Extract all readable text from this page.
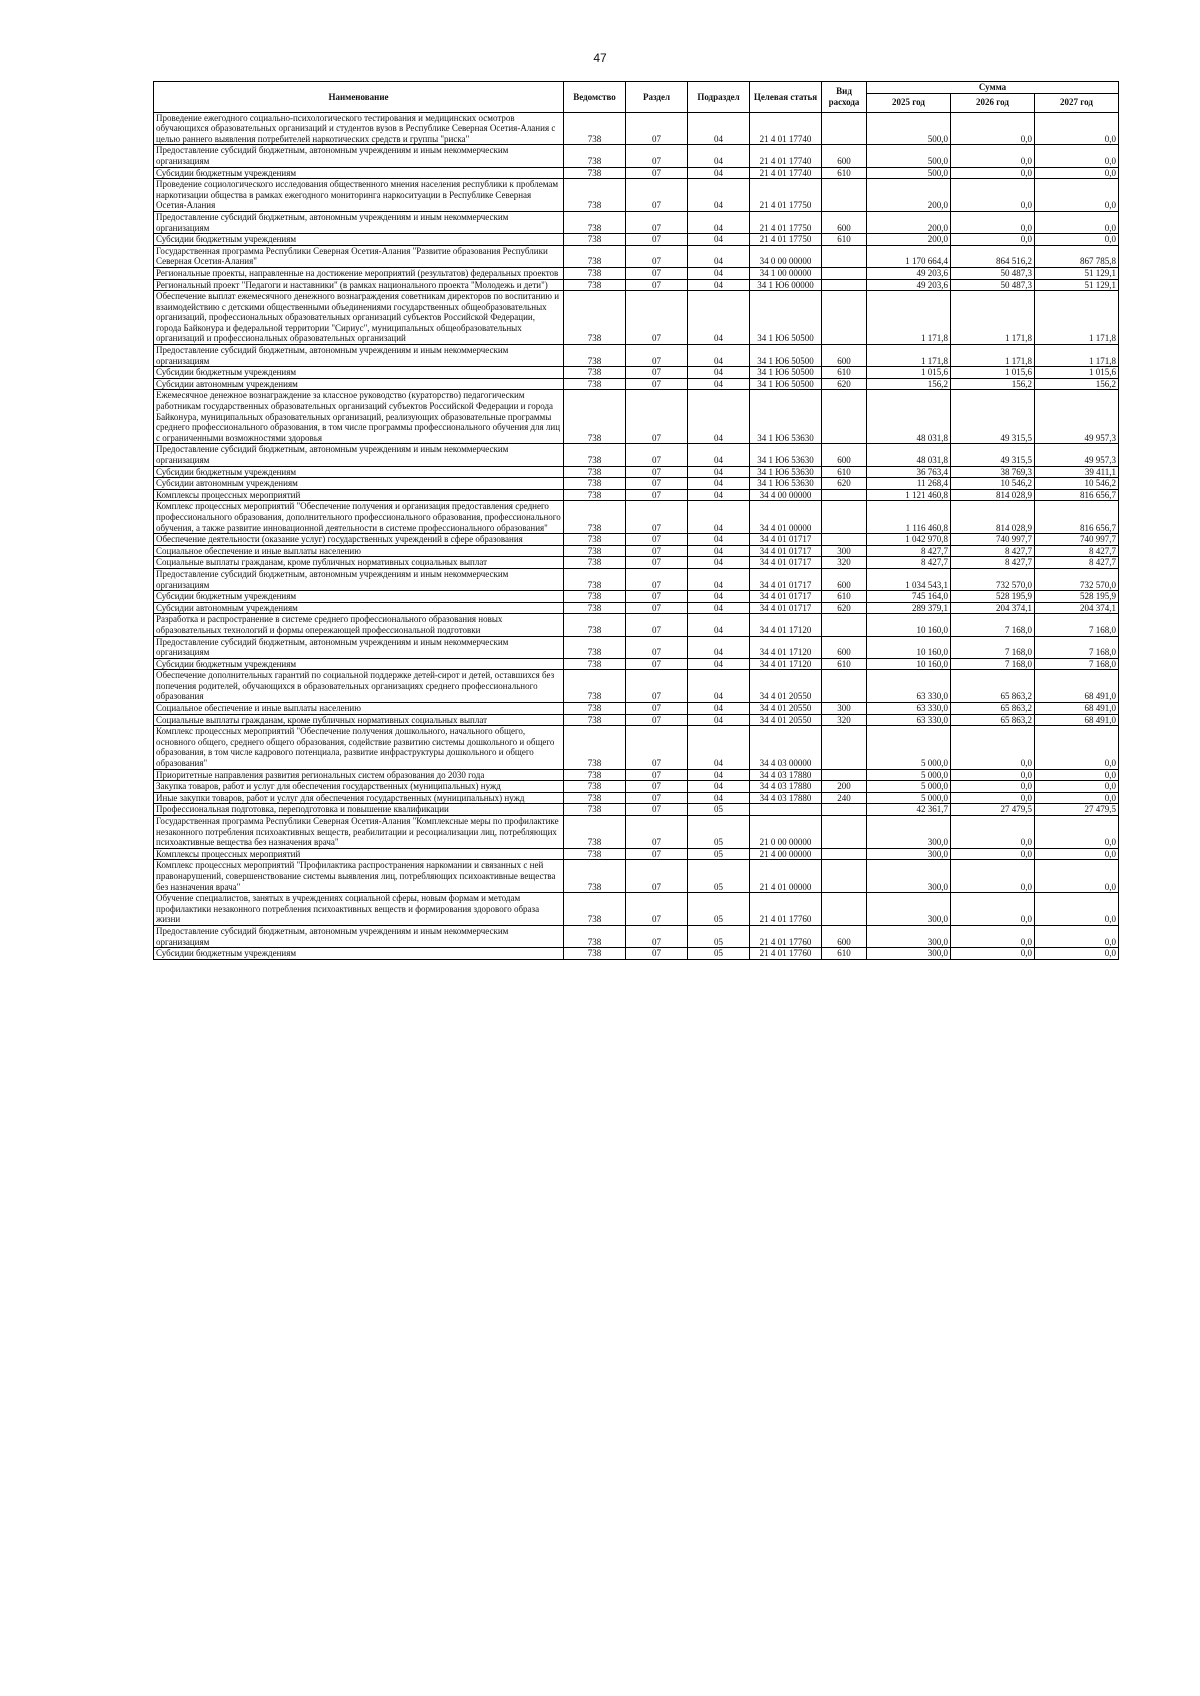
47
Наименование	Ведомство	Раздел	Подраздел	Целевая статья	Вид расхода	Сумма		
						2025 год	2026 год	2027 год
Проведение ежегодного социально-психологического тестирования и медицинских осмотров обучающихся образовательных организаций и студентов вузов в Республике Северная Осетия-Алания с целью раннего выявления потребителей наркотических средств и группы "риска"	738	07	04	21 4 01 17740		500,0	0,0	0,0
Предоставление субсидий бюджетным, автономным учреждениям и иным некоммерческим организациям	738	07	04	21 4 01 17740	600	500,0	0,0	0,0
Субсидии бюджетным учреждениям	738	07	04	21 4 01 17740	610	500,0	0,0	0,0
Проведение социологического исследования общественного мнения населения республики к проблемам наркотизации общества в рамках ежегодного мониторинга наркоситуации в Республике Северная Осетия-Алания	738	07	04	21 4 01 17750		200,0	0,0	0,0
Предоставление субсидий бюджетным, автономным учреждениям и иным некоммерческим организациям	738	07	04	21 4 01 17750	600	200,0	0,0	0,0
Субсидии бюджетным учреждениям	738	07	04	21 4 01 17750	610	200,0	0,0	0,0
Государственная программа Республики Северная Осетия-Алания "Развитие образования Республики Северная Осетия-Алания"	738	07	04	34 0 00 00000		1 170 664,4	864 516,2	867 785,8
Региональные проекты, направленные на достижение мероприятий (результатов) федеральных проектов	738	07	04	34 1 00 00000		49 203,6	50 487,3	51 129,1
Региональный проект "Педагоги и наставники" (в рамках национального проекта "Молодежь и дети")	738	07	04	34 1 Ю6 00000		49 203,6	50 487,3	51 129,1
Обеспечение выплат ежемесячного денежного вознаграждения советникам директоров по воспитанию и взаимодействию с детскими общественными объединениями государственных общеобразовательных организаций, профессиональных образовательных организаций субъектов Российской Федерации, города Байконура и федеральной территории "Сириус", муниципальных общеобразовательных организаций и профессиональных образовательных организаций	738	07	04	34 1 Ю6 50500		1 171,8	1 171,8	1 171,8
Предоставление субсидий бюджетным, автономным учреждениям и иным некоммерческим организациям	738	07	04	34 1 Ю6 50500	600	1 171,8	1 171,8	1 171,8
Субсидии бюджетным учреждениям	738	07	04	34 1 Ю6 50500	610	1 015,6	1 015,6	1 015,6
Субсидии автономным учреждениям	738	07	04	34 1 Ю6 50500	620	156,2	156,2	156,2
Ежемесячное денежное вознаграждение за классное руководство (кураторство) педагогическим работникам государственных образовательных организаций субъектов Российской Федерации и города Байконура, муниципальных образовательных организаций, реализующих образовательные программы среднего профессионального образования, в том числе программы профессионального обучения для лиц с ограниченными возможностями здоровья	738	07	04	34 1 Ю6 53630		48 031,8	49 315,5	49 957,3
Предоставление субсидий бюджетным, автономным учреждениям и иным некоммерческим организациям	738	07	04	34 1 Ю6 53630	600	48 031,8	49 315,5	49 957,3
Субсидии бюджетным учреждениям	738	07	04	34 1 Ю6 53630	610	36 763,4	38 769,3	39 411,1
Субсидии автономным учреждениям	738	07	04	34 1 Ю6 53630	620	11 268,4	10 546,2	10 546,2
Комплексы процессных мероприятий	738	07	04	34 4 00 00000		1 121 460,8	814 028,9	816 656,7
Комплекс процессных мероприятий "Обеспечение получения и организация предоставления среднего профессионального образования, дополнительного профессионального образования, профессионального обучения, а также развитие инновационной деятельности в системе профессионального образования"	738	07	04	34 4 01 00000		1 116 460,8	814 028,9	816 656,7
Обеспечение деятельности (оказание услуг) государственных учреждений в сфере образования	738	07	04	34 4 01 01717		1 042 970,8	740 997,7	740 997,7
Социальное обеспечение и иные выплаты населению	738	07	04	34 4 01 01717	300	8 427,7	8 427,7	8 427,7
Социальные выплаты гражданам, кроме публичных нормативных социальных выплат	738	07	04	34 4 01 01717	320	8 427,7	8 427,7	8 427,7
Предоставление субсидий бюджетным, автономным учреждениям и иным некоммерческим организациям	738	07	04	34 4 01 01717	600	1 034 543,1	732 570,0	732 570,0
Субсидии бюджетным учреждениям	738	07	04	34 4 01 01717	610	745 164,0	528 195,9	528 195,9
Субсидии автономным учреждениям	738	07	04	34 4 01 01717	620	289 379,1	204 374,1	204 374,1
Разработка и распространение в системе среднего профессионального образования новых образовательных технологий и формы опережающей профессиональной подготовки	738	07	04	34 4 01 17120		10 160,0	7 168,0	7 168,0
Предоставление субсидий бюджетным, автономным учреждениям и иным некоммерческим организациям	738	07	04	34 4 01 17120	600	10 160,0	7 168,0	7 168,0
Субсидии бюджетным учреждениям	738	07	04	34 4 01 17120	610	10 160,0	7 168,0	7 168,0
Обеспечение дополнительных гарантий по социальной поддержке детей-сирот и детей, оставшихся без попечения родителей, обучающихся в образовательных организациях среднего профессионального образования	738	07	04	34 4 01 20550		63 330,0	65 863,2	68 491,0
Социальное обеспечение и иные выплаты населению	738	07	04	34 4 01 20550	300	63 330,0	65 863,2	68 491,0
Социальные выплаты гражданам, кроме публичных нормативных социальных выплат	738	07	04	34 4 01 20550	320	63 330,0	65 863,2	68 491,0
Комплекс процессных мероприятий "Обеспечение получения дошкольного, начального общего, основного общего, среднего общего образования, содействие развитию системы дошкольного и общего образования, в том числе кадрового потенциала, развитие инфраструктуры дошкольного и общего образования"	738	07	04	34 4 03 00000		5 000,0	0,0	0,0
Приоритетные направления развития региональных систем образования до 2030 года	738	07	04	34 4 03 17880		5 000,0	0,0	0,0
Закупка товаров, работ и услуг для обеспечения государственных (муниципальных) нужд	738	07	04	34 4 03 17880	200	5 000,0	0,0	0,0
Иные закупки товаров, работ и услуг для обеспечения государственных (муниципальных) нужд	738	07	04	34 4 03 17880	240	5 000,0	0,0	0,0
Профессиональная подготовка, переподготовка и повышение квалификации	738	07	05			42 361,7	27 479,5	27 479,5
Государственная программа Республики Северная Осетия-Алания "Комплексные меры по профилактике незаконного потребления психоактивных веществ, реабилитации и ресоциализации лиц, потребляющих психоактивные вещества без назначения врача"	738	07	05	21 0 00 00000		300,0	0,0	0,0
Комплексы процессных мероприятий	738	07	05	21 4 00 00000		300,0	0,0	0,0
Комплекс процессных мероприятий "Профилактика распространения наркомании и связанных с ней правонарушений, совершенствование системы выявления лиц, потребляющих психоактивные вещества без назначения врача"	738	07	05	21 4 01 00000		300,0	0,0	0,0
Обучение специалистов, занятых в учреждениях социальной сферы, новым формам и методам профилактики незаконного потребления психоактивных веществ и формирования здорового образа жизни	738	07	05	21 4 01 17760		300,0	0,0	0,0
Предоставление субсидий бюджетным, автономным учреждениям и иным некоммерческим организациям	738	07	05	21 4 01 17760	600	300,0	0,0	0,0
Субсидии бюджетным учреждениям	738	07	05	21 4 01 17760	610	300,0	0,0	0,0
